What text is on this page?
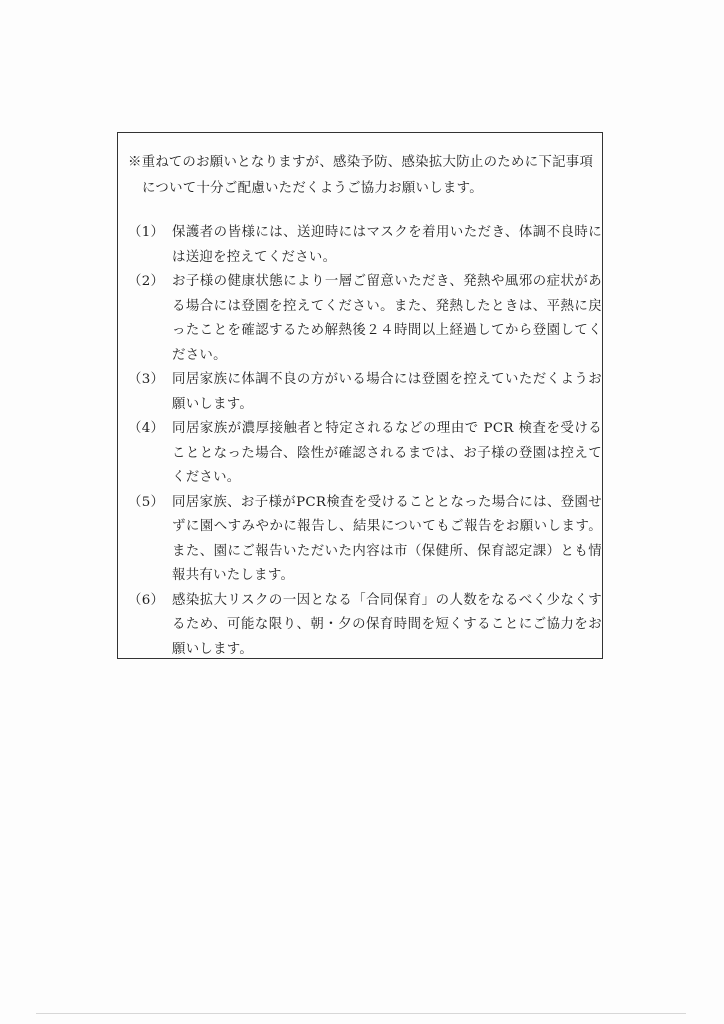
※重ねてのお願いとなりますが、感染予防、感染拡大防止のために下記事項
について十分ご配慮いただくようご協力お願いします。
（1） 保護者の皆様には、送迎時にはマスクを着用いただき、体調不良時には送迎を控えてください。
（2） お子様の健康状態により一層ご留意いただき、発熱や風邪の症状がある場合には登園を控えてください。また、発熱したときは、平熱に戻ったことを確認するため解熱後２４時間以上経過してから登園してください。
（3） 同居家族に体調不良の方がいる場合には登園を控えていただくようお願いします。
（4） 同居家族が濃厚接触者と特定されるなどの理由で PCR 検査を受けることとなった場合、陰性が確認されるまでは、お子様の登園は控えてください。
（5） 同居家族、お子様がPCR検査を受けることとなった場合には、登園せずに園へすみやかに報告し、結果についてもご報告をお願いします。また、園にご報告いただいた内容は市（保健所、保育認定課）とも情報共有いたします。
（6） 感染拡大リスクの一因となる「合同保育」の人数をなるべく少なくするため、可能な限り、朝・夕の保育時間を短くすることにご協力をお願いします。
